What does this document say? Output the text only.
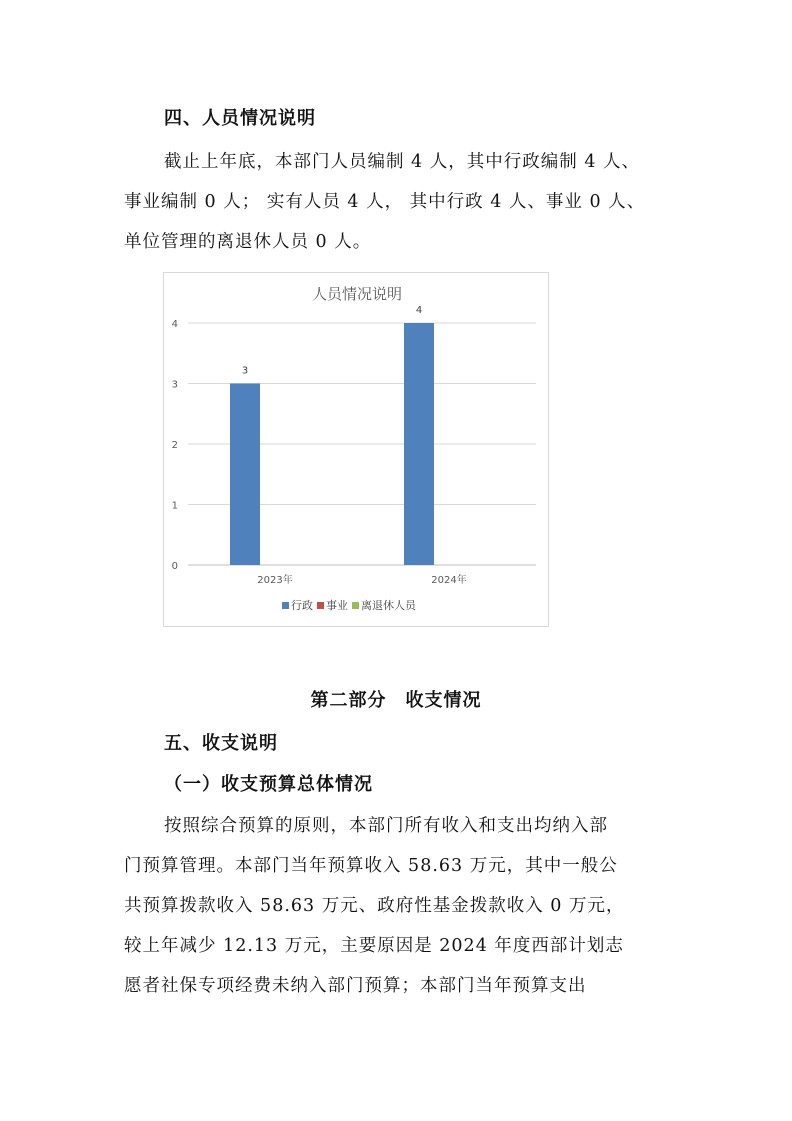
四、人员情况说明

截止上年底，本部门人员编制 4 人，其中行政编制 4 人、

事业编制 0 人； 实有人员 4 人， 其中行政 4 人、事业 0 人、

单位管理的离退休人员 0 人。

人员情况说明
0
1
2
3
4
3
2023年
4
2024年
行政 事业 离退休人员
第二部分　收支情况
五、收支说明
（一）收支预算总体情况

按照综合预算的原则，本部门所有收入和支出均纳入部

门预算管理。本部门当年预算收入 58.63 万元，其中一般公

共预算拨款收入 58.63 万元、政府性基金拨款收入 0 万元，

较上年减少 12.13 万元，主要原因是 2024 年度西部计划志

愿者社保专项经费未纳入部门预算；本部门当年预算支出
